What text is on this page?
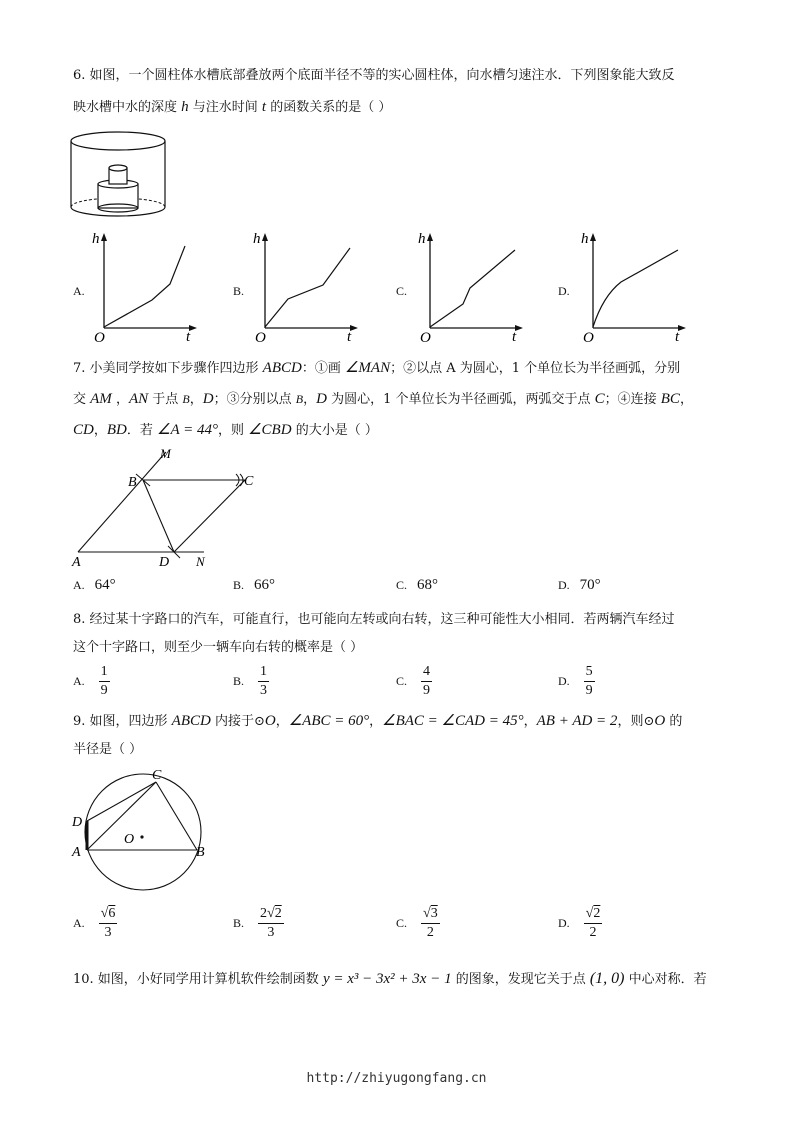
6. 如图，一个圆柱体水槽底部叠放两个底面半径不等的实心圆柱体，向水槽匀速注水．下列图象能大致反
映水槽中水的深度 h 与注水时间 t 的函数关系的是（ ）
A.
h
t
O
B.
h
t
O
C.
h
t
O
D.
h
t
O
7. 小美同学按如下步骤作四边形 ABCD：①画 ∠MAN；②以点 A 为圆心，1 个单位长为半径画弧，分别
交 AM ，AN 于点 B，D；③分别以点 B，D 为圆心，1 个单位长为半径画弧，两弧交于点 C；④连接 BC，
CD，BD．若 ∠A = 44°，则 ∠CBD 的大小是（ ）
M
B	C
A	D N
A. 64°	B. 66°	C. 68°	D. 70°
8. 经过某十字路口的汽车，可能直行，也可能向左转或向右转，这三种可能性大小相同．若两辆汽车经过
这个十字路口，则至少一辆车向右转的概率是（ ）
A. $\frac{1}{9}$	B. $\frac{1}{3}$	C. $\frac{4}{9}$	D. $\frac{5}{9}$
9. 如图，四边形 ABCD 内接于⊙O，∠ABC = 60°，∠BAC = ∠CAD = 45°，AB + AD = 2，则⊙O 的
半径是（ ）
C
D
O
A	B
A. $\frac{√6}{3}$	B. $\frac{2√2}{3}$	C. $\frac{√3}{2}$	D. $\frac{√2}{2}$
10. 如图，小好同学用计算机软件绘制函数 y = x³ − 3x² + 3x − 1 的图象，发现它关于点 (1, 0) 中心对称．若
http://zhiyugongfang.cn
